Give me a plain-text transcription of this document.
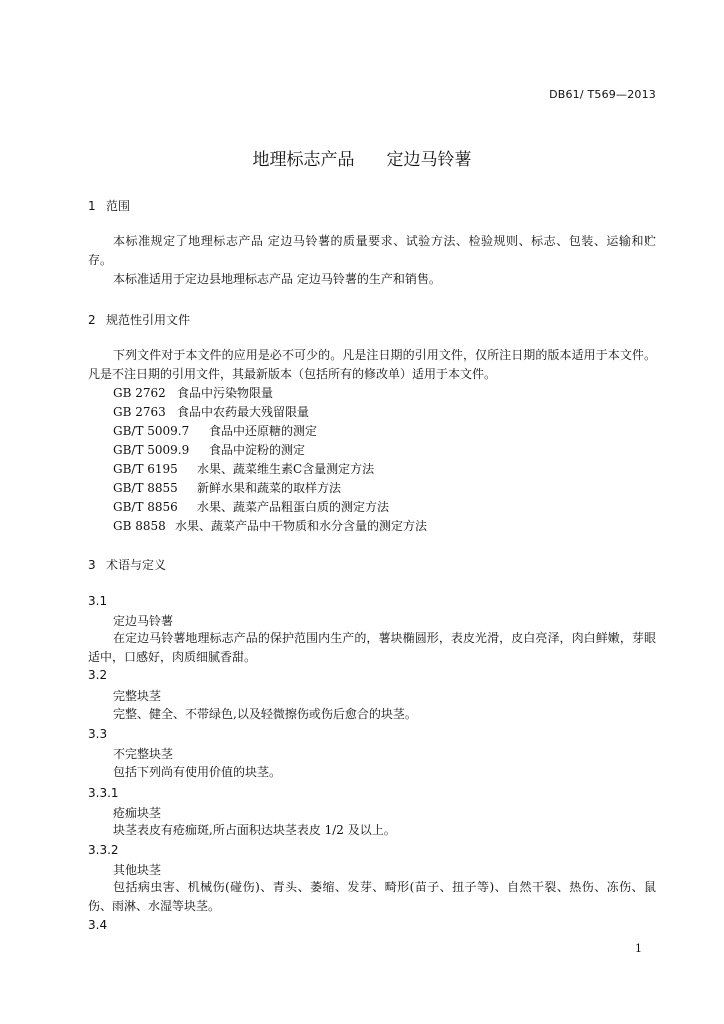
DB61/ T569—2013
地理标志产品 定边马铃薯
1 范围
本标准规定了地理标志产品 定边马铃薯的质量要求、试验方法、检验规则、标志、包装、运输和贮存。
本标准适用于定边县地理标志产品 定边马铃薯的生产和销售。
2 规范性引用文件
下列文件对于本文件的应用是必不可少的。凡是注日期的引用文件，仅所注日期的版本适用于本文件。凡是不注日期的引用文件，其最新版本（包括所有的修改单）适用于本文件。
GB 2762 食品中污染物限量
GB 2763 食品中农药最大残留限量
GB/T 5009.7 食品中还原糖的测定
GB/T 5009.9 食品中淀粉的测定
GB/T 6195 水果、蔬菜维生素C含量测定方法
GB/T 8855 新鲜水果和蔬菜的取样方法
GB/T 8856 水果、蔬菜产品粗蛋白质的测定方法
GB 8858 水果、蔬菜产品中干物质和水分含量的测定方法
3 术语与定义
3.1
定边马铃薯
在定边马铃薯地理标志产品的保护范围内生产的，薯块椭圆形，表皮光滑，皮白亮泽，肉白鲜嫩，芽眼适中，口感好，肉质细腻香甜。
3.2
完整块茎
完整、健全、不带绿色,以及轻微擦伤或伤后愈合的块茎。
3.3
不完整块茎
包括下列尚有使用价值的块茎。
3.3.1
疮痂块茎
块茎表皮有疮痂斑,所占面积达块茎表皮 1/2 及以上。
3.3.2
其他块茎
包括病虫害、机械伤(碰伤)、青头、萎缩、发芽、畸形(苗子、扭子等)、自然干裂、热伤、冻伤、鼠伤、雨淋、水湿等块茎。
3.4
1
